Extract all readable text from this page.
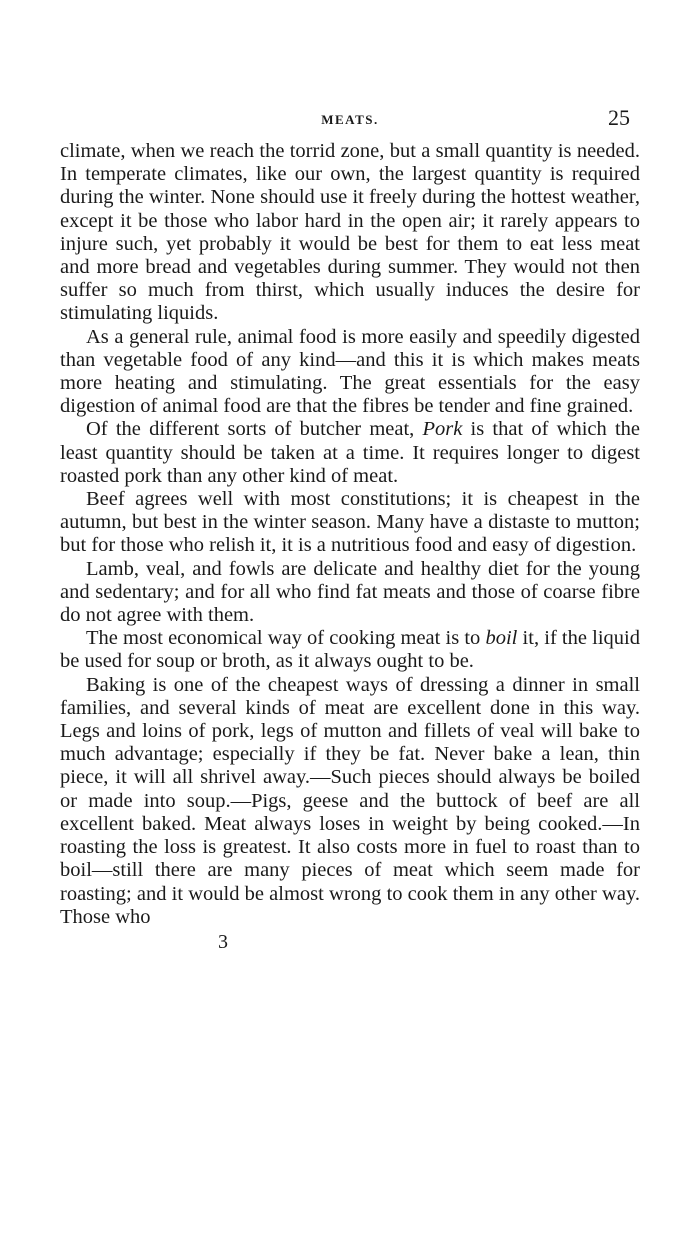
MEATS.	25

climate, when we reach the torrid zone, but a small quantity is needed. In temperate climates, like our own, the largest quantity is required during the winter. None should use it freely during the hottest weather, except it be those who labor hard in the open air; it rarely appears to injure such, yet probably it would be best for them to eat less meat and more bread and vegetables during summer. They would not then suffer so much from thirst, which usually induces the desire for stimulating liquids.

As a general rule, animal food is more easily and speedily digested than vegetable food of any kind—and this it is which makes meats more heating and stimulating. The great essentials for the easy digestion of animal food are that the fibres be tender and fine grained.

Of the different sorts of butcher meat, Pork is that of which the least quantity should be taken at a time. It requires longer to digest roasted pork than any other kind of meat.

Beef agrees well with most constitutions; it is cheapest in the autumn, but best in the winter season. Many have a distaste to mutton; but for those who relish it, it is a nutritious food and easy of digestion.

Lamb, veal, and fowls are delicate and healthy diet for the young and sedentary; and for all who find fat meats and those of coarse fibre do not agree with them.

The most economical way of cooking meat is to boil it, if the liquid be used for soup or broth, as it always ought to be.

Baking is one of the cheapest ways of dressing a dinner in small families, and several kinds of meat are excellent done in this way. Legs and loins of pork, legs of mutton and fillets of veal will bake to much advantage; especially if they be fat. Never bake a lean, thin piece, it will all shrivel away.—Such pieces should always be boiled or made into soup.—Pigs, geese and the buttock of beef are all excellent baked. Meat always loses in weight by being cooked.—In roasting the loss is greatest. It also costs more in fuel to roast than to boil—still there are many pieces of meat which seem made for roasting; and it would be almost wrong to cook them in any other way. Those who

3
